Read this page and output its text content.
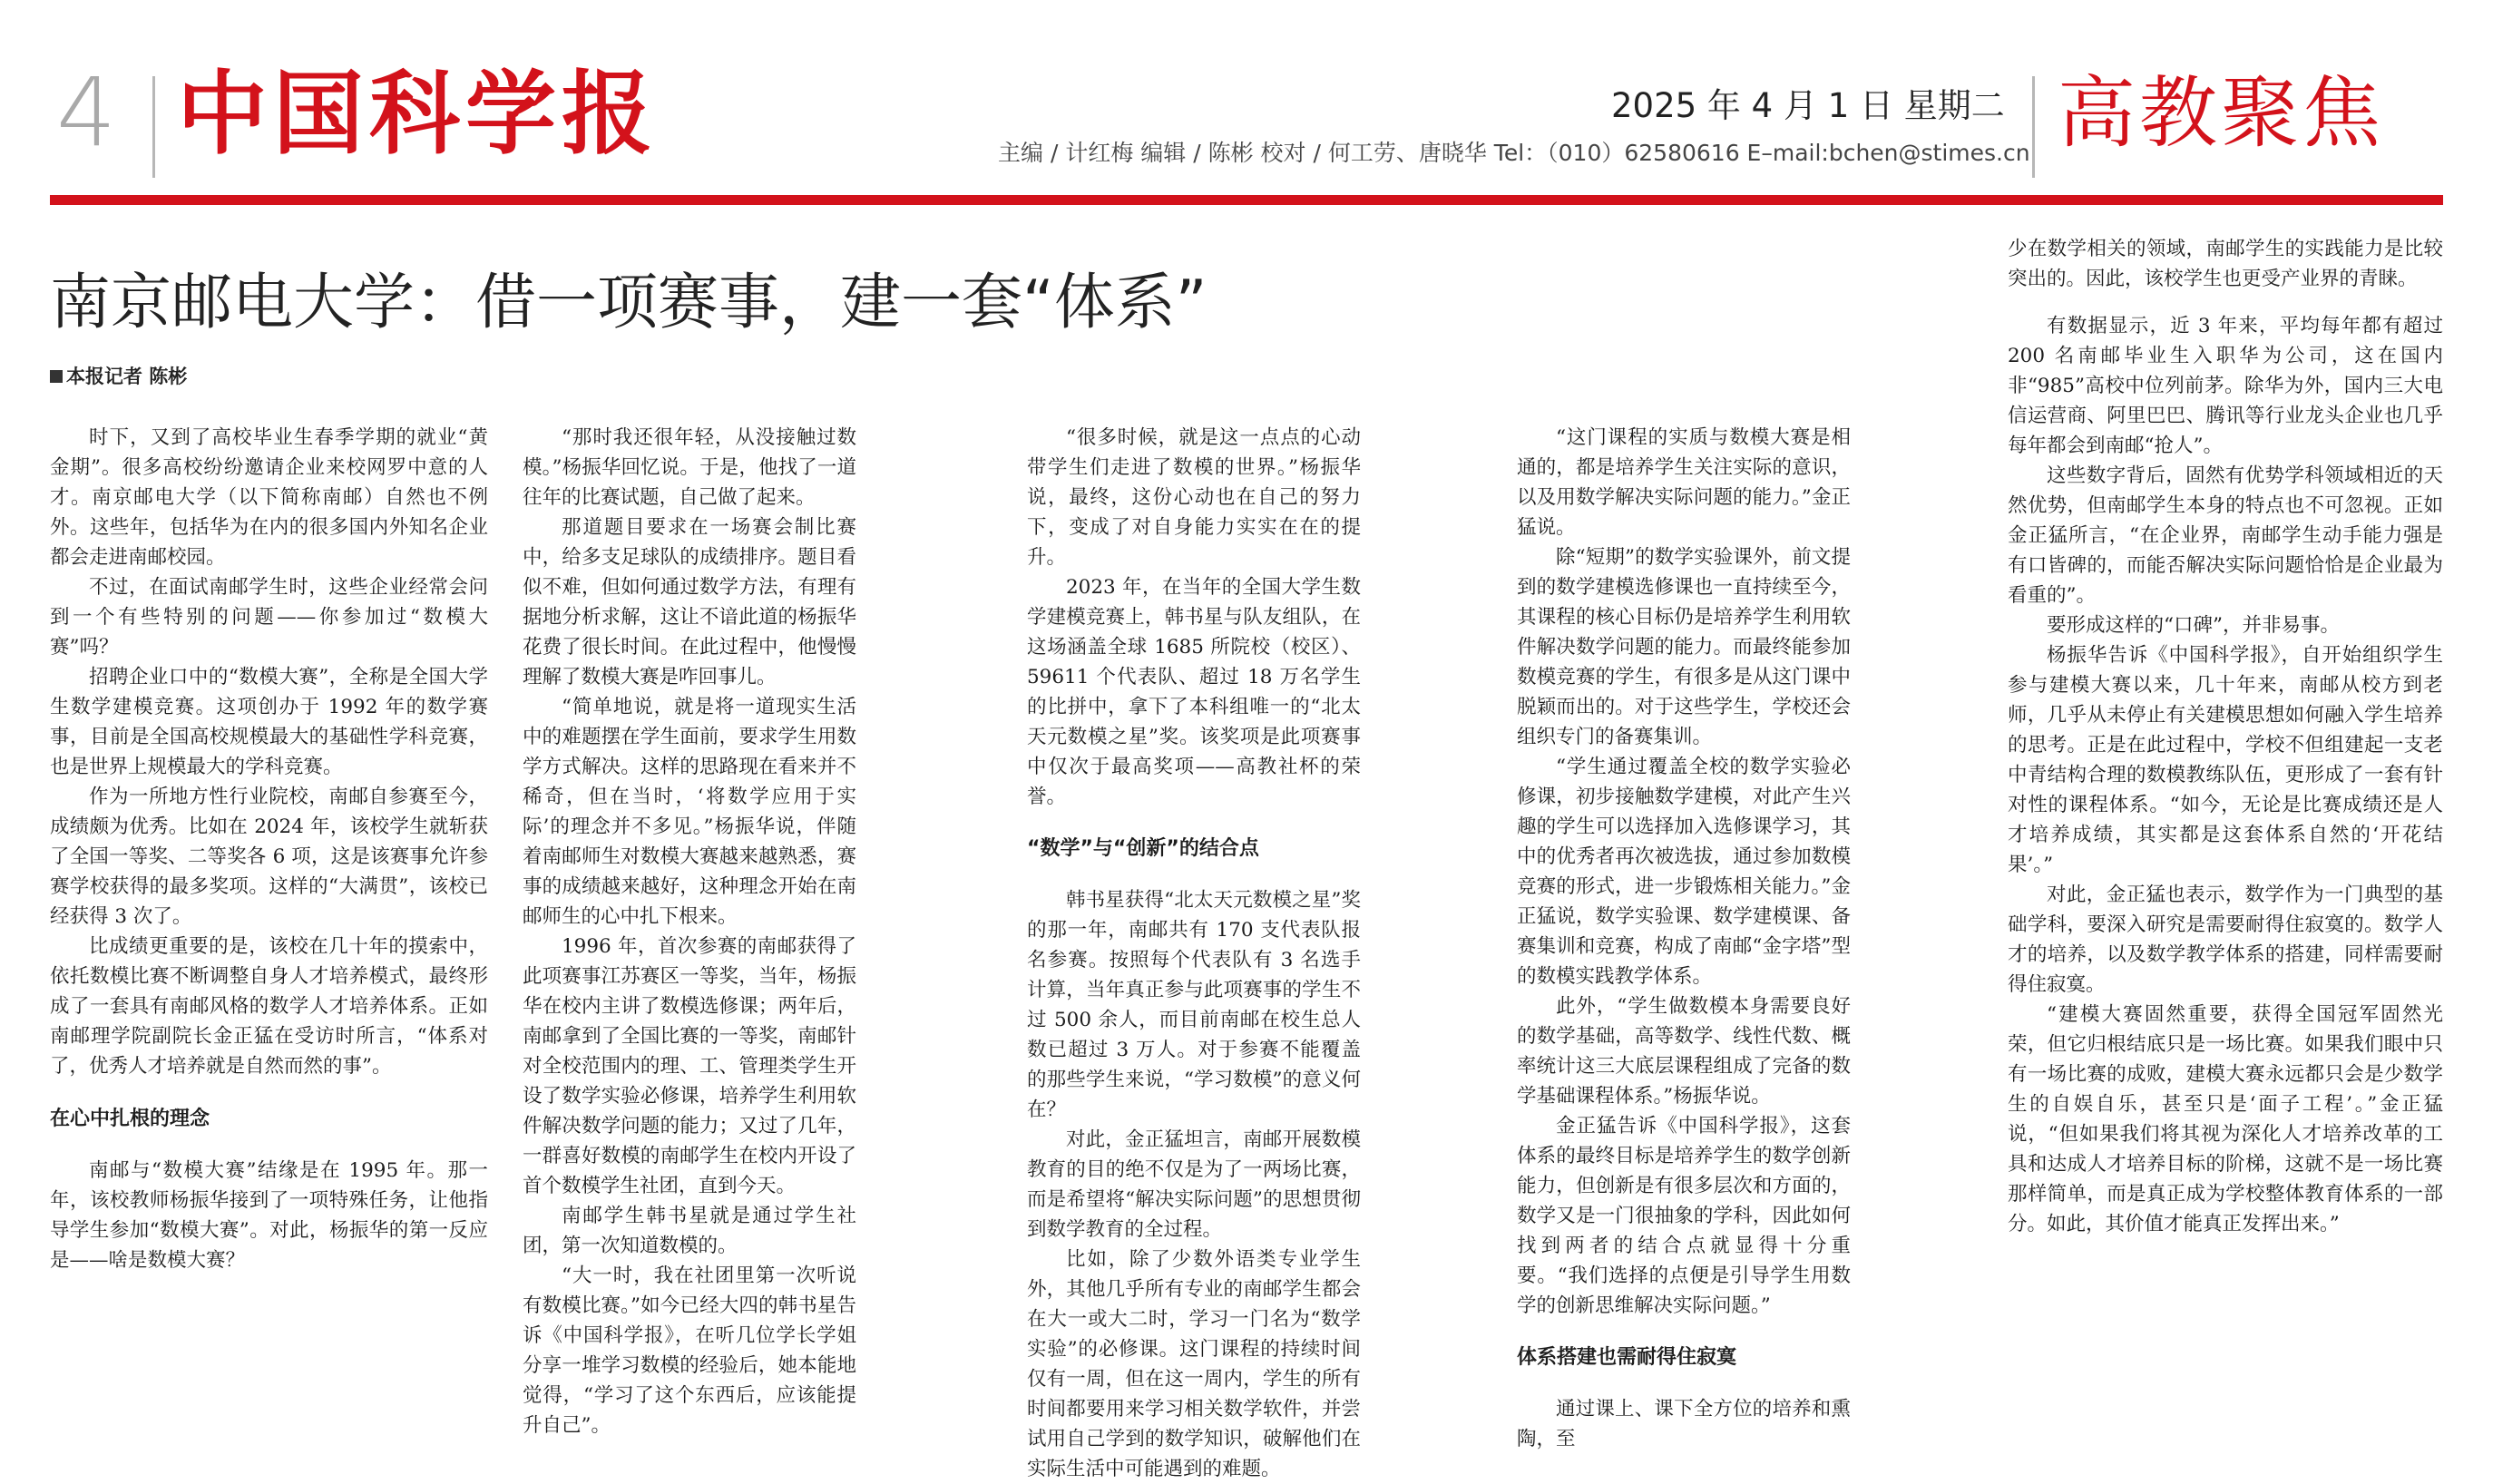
4 中国科学报	2025 年 4 月 1 日 星期二
主编 / 计红梅 编辑 / 陈彬 校对 / 何工劳、唐晓华 Tel：（010）62580616 E–mail:bchen@stimes.cn 高教聚焦
南京邮电大学：借一项赛事，建一套“体系”
本报记者 陈彬

时下，又到了高校毕业生春季学期的就业“黄金期”。很多高校纷纷邀请企业来校网罗中意的人才。南京邮电大学（以下简称南邮）自然也不例外。这些年，包括华为在内的很多国内外知名企业都会走进南邮校园。

不过，在面试南邮学生时，这些企业经常会问到一个有些特别的问题——你参加过“数模大赛”吗？

招聘企业口中的“数模大赛”，全称是全国大学生数学建模竞赛。这项创办于 1992 年的数学赛事，目前是全国高校规模最大的基础性学科竞赛，也是世界上规模最大的学科竞赛。

作为一所地方性行业院校，南邮自参赛至今，成绩颇为优秀。比如在 2024 年，该校学生就斩获了全国一等奖、二等奖各 6 项，这是该赛事允许参赛学校获得的最多奖项。这样的“大满贯”，该校已经获得 3 次了。

比成绩更重要的是，该校在几十年的摸索中，依托数模比赛不断调整自身人才培养模式，最终形成了一套具有南邮风格的数学人才培养体系。正如南邮理学院副院长金正猛在受访时所言，“体系对了，优秀人才培养就是自然而然的事”。

在心中扎根的理念

南邮与“数模大赛”结缘是在 1995 年。那一年，该校教师杨振华接到了一项特殊任务，让他指导学生参加“数模大赛”。对此，杨振华的第一反应是——啥是数模大赛？

“那时我还很年轻，从没接触过数模。”杨振华回忆说。于是，他找了一道往年的比赛试题，自己做了起来。

那道题目要求在一场赛会制比赛中，给多支足球队的成绩排序。题目看似不难，但如何通过数学方法，有理有据地分析求解，这让不谙此道的杨振华花费了很长时间。在此过程中，他慢慢理解了数模大赛是咋回事儿。

“简单地说，就是将一道现实生活中的难题摆在学生面前，要求学生用数学方式解决。这样的思路现在看来并不稀奇，但在当时，‘将数学应用于实际’的理念并不多见。”杨振华说，伴随着南邮师生对数模大赛越来越熟悉，赛事的成绩越来越好，这种理念开始在南邮师生的心中扎下根来。

1996 年，首次参赛的南邮获得了此项赛事江苏赛区一等奖，当年，杨振华在校内主讲了数模选修课；两年后，南邮拿到了全国比赛的一等奖，南邮针对全校范围内的理、工、管理类学生开设了数学实验必修课，培养学生利用软件解决数学问题的能力；又过了几年，一群喜好数模的南邮学生在校内开设了首个数模学生社团，直到今天。

南邮学生韩书星就是通过学生社团，第一次知道数模的。

“大一时，我在社团里第一次听说有数模比赛。”如今已经大四的韩书星告诉《中国科学报》，在听几位学长学姐分享一堆学习数模的经验后，她本能地觉得，“学习了这个东西后，应该能提升自己”。

“很多时候，就是这一点点的心动带学生们走进了数模的世界。”杨振华说，最终，这份心动也在自己的努力下，变成了对自身能力实实在在的提升。

2023 年，在当年的全国大学生数学建模竞赛上，韩书星与队友组队，在这场涵盖全球 1685 所院校（校区）、59611 个代表队、超过 18 万名学生的比拼中，拿下了本科组唯一的“北太天元数模之星”奖。该奖项是此项赛事中仅次于最高奖项——高教社杯的荣誉。

“数学”与“创新”的结合点

韩书星获得“北太天元数模之星”奖的那一年，南邮共有 170 支代表队报名参赛。按照每个代表队有 3 名选手计算，当年真正参与此项赛事的学生不过 500 余人，而目前南邮在校生总人数已超过 3 万人。对于参赛不能覆盖的那些学生来说，“学习数模”的意义何在？

对此，金正猛坦言，南邮开展数模教育的目的绝不仅是为了一两场比赛，而是希望将“解决实际问题”的思想贯彻到数学教育的全过程。

比如，除了少数外语类专业学生外，其他几乎所有专业的南邮学生都会在大一或大二时，学习一门名为“数学实验”的必修课。这门课程的持续时间仅有一周，但在这一周内，学生的所有时间都要用来学习相关数学软件，并尝试用自己学到的数学知识，破解他们在实际生活中可能遇到的难题。

“这门课程的实质与数模大赛是相通的，都是培养学生关注实际的意识，以及用数学解决实际问题的能力。”金正猛说。

除“短期”的数学实验课外，前文提到的数学建模选修课也一直持续至今，其课程的核心目标仍是培养学生利用软件解决数学问题的能力。而最终能参加数模竞赛的学生，有很多是从这门课中脱颖而出的。对于这些学生，学校还会组织专门的备赛集训。

“学生通过覆盖全校的数学实验必修课，初步接触数学建模，对此产生兴趣的学生可以选择加入选修课学习，其中的优秀者再次被选拔，通过参加数模竞赛的形式，进一步锻炼相关能力。”金正猛说，数学实验课、数学建模课、备赛集训和竞赛，构成了南邮“金字塔”型的数模实践教学体系。

此外，“学生做数模本身需要良好的数学基础，高等数学、线性代数、概率统计这三大底层课程组成了完备的数学基础课程体系。”杨振华说。

金正猛告诉《中国科学报》，这套体系的最终目标是培养学生的数学创新能力，但创新是有很多层次和方面的，数学又是一门很抽象的学科，因此如何找到两者的结合点就显得十分重要。“我们选择的点便是引导学生用数学的创新思维解决实际问题。”

体系搭建也需耐得住寂寞

通过课上、课下全方位的培养和熏陶，至

少在数学相关的领域，南邮学生的实践能力是比较突出的。因此，该校学生也更受产业界的青睐。

有数据显示，近 3 年来，平均每年都有超过 200 名南邮毕业生入职华为公司，这在国内非“985”高校中位列前茅。除华为外，国内三大电信运营商、阿里巴巴、腾讯等行业龙头企业也几乎每年都会到南邮“抢人”。

这些数字背后，固然有优势学科领域相近的天然优势，但南邮学生本身的特点也不可忽视。正如金正猛所言，“在企业界，南邮学生动手能力强是有口皆碑的，而能否解决实际问题恰恰是企业最为看重的”。

要形成这样的“口碑”，并非易事。

杨振华告诉《中国科学报》，自开始组织学生参与建模大赛以来，几十年来，南邮从校方到老师，几乎从未停止有关建模思想如何融入学生培养的思考。正是在此过程中，学校不但组建起一支老中青结构合理的数模教练队伍，更形成了一套有针对性的课程体系。“如今，无论是比赛成绩还是人才培养成绩，其实都是这套体系自然的‘开花结果’。”

对此，金正猛也表示，数学作为一门典型的基础学科，要深入研究是需要耐得住寂寞的。数学人才的培养，以及数学教学体系的搭建，同样需要耐得住寂寞。

“建模大赛固然重要，获得全国冠军固然光荣，但它归根结底只是一场比赛。如果我们眼中只有一场比赛的成败，建模大赛永远都只会是少数学生的自娱自乐，甚至只是‘面子工程’。”金正猛说，“但如果我们将其视为深化人才培养改革的工具和达成人才培养目标的阶梯，这就不是一场比赛那样简单，而是真正成为学校整体教育体系的一部分。如此，其价值才能真正发挥出来。”
